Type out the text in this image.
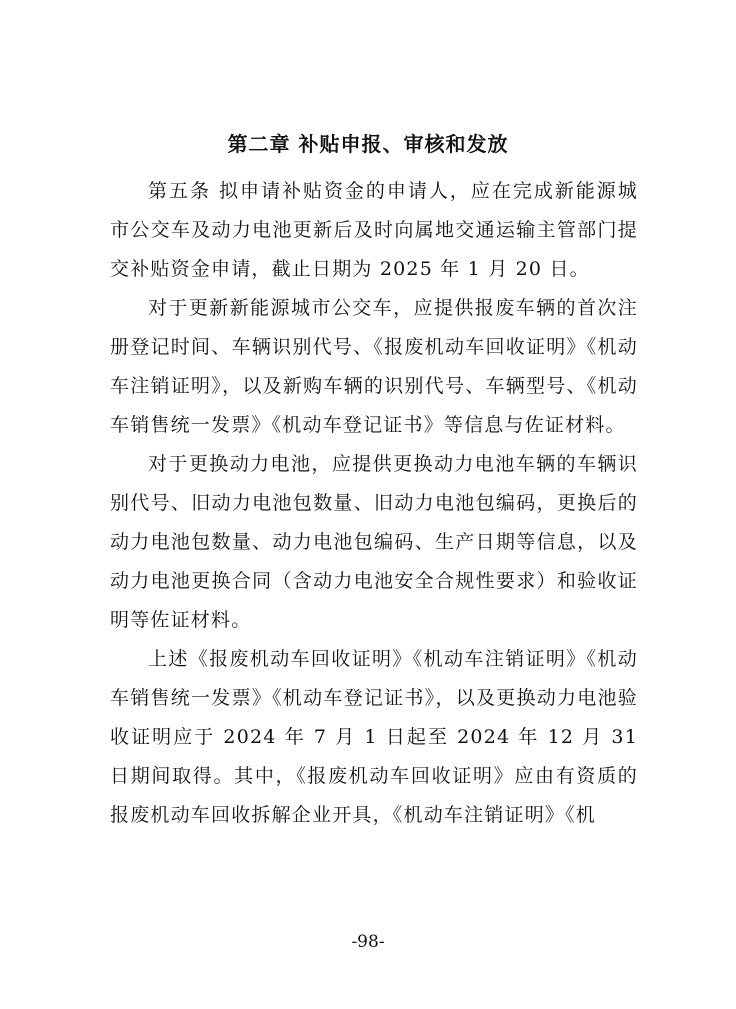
第二章 补贴申报、审核和发放

第五条 拟申请补贴资金的申请人，应在完成新能源城市公交车及动力电池更新后及时向属地交通运输主管部门提交补贴资金申请，截止日期为 2025 年 1 月 20 日。

对于更新新能源城市公交车，应提供报废车辆的首次注册登记时间、车辆识别代号、《报废机动车回收证明》《机动车注销证明》，以及新购车辆的识别代号、车辆型号、《机动车销售统一发票》《机动车登记证书》等信息与佐证材料。

对于更换动力电池，应提供更换动力电池车辆的车辆识别代号、旧动力电池包数量、旧动力电池包编码，更换后的动力电池包数量、动力电池包编码、生产日期等信息，以及动力电池更换合同（含动力电池安全合规性要求）和验收证明等佐证材料。

上述《报废机动车回收证明》《机动车注销证明》《机动车销售统一发票》《机动车登记证书》，以及更换动力电池验收证明应于 2024 年 7 月 1 日起至 2024 年 12 月 31 日期间取得。其中，《报废机动车回收证明》应由有资质的报废机动车回收拆解企业开具，《机动车注销证明》《机

-98-
